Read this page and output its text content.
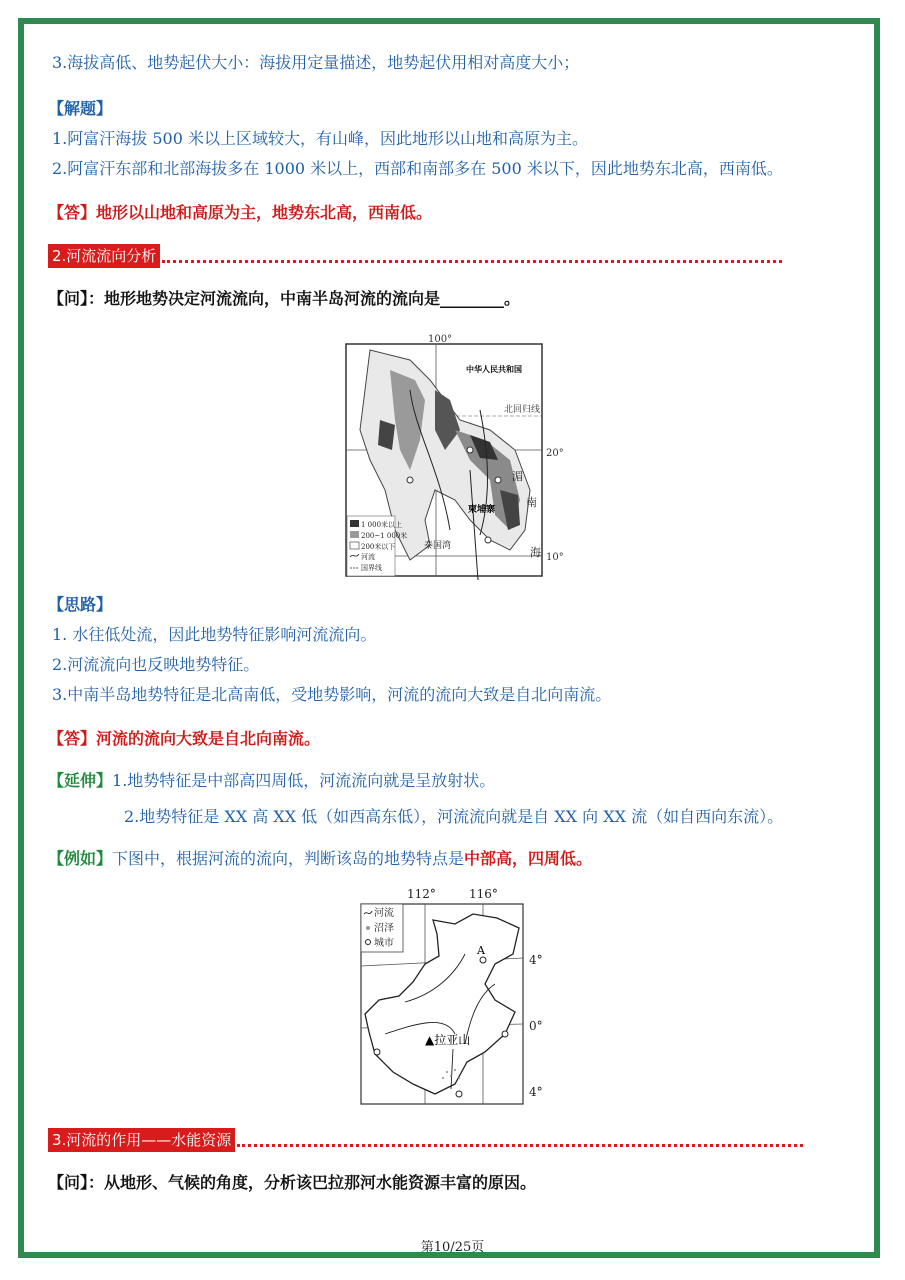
3.海拔高低、地势起伏大小：海拔用定量描述，地势起伏用相对高度大小；
【解题】
1.阿富汗海拔 500 米以上区域较大，有山峰，因此地形以山地和高原为主。
2.阿富汗东部和北部海拔多在 1000 米以上，西部和南部多在 500 米以下，因此地势东北高，西南低。
【答】地形以山地和高原为主，地势东北高，西南低。
2.河流流向分析
【问】：地形地势决定河流流向，中南半岛河流的流向是________。
100°
北回归线
中华人民共和国
20°
10°
湄
南
海
柬埔寨
泰国湾
1 000米以上
200~1 000米
200米以下
河流
国界线
【思路】
1. 水往低处流，因此地势特征影响河流流向。
2.河流流向也反映地势特征。
3.中南半岛地势特征是北高南低，受地势影响，河流的流向大致是自北向南流。
【答】河流的流向大致是自北向南流。
【延伸】1.地势特征是中部高四周低，河流流向就是呈放射状。
2.地势特征是 XX 高 XX 低（如西高东低），河流流向就是自 XX 向 XX 流（如自西向东流）。
【例如】下图中，根据河流的流向，判断该岛的地势特点是中部高，四周低。
112°	116°
4°
0°
4°
A
▲拉亚山
河流
沼泽
城市
3.河流的作用——水能资源
【问】：从地形、气候的角度，分析该巴拉那河水能资源丰富的原因。
第10/25页
